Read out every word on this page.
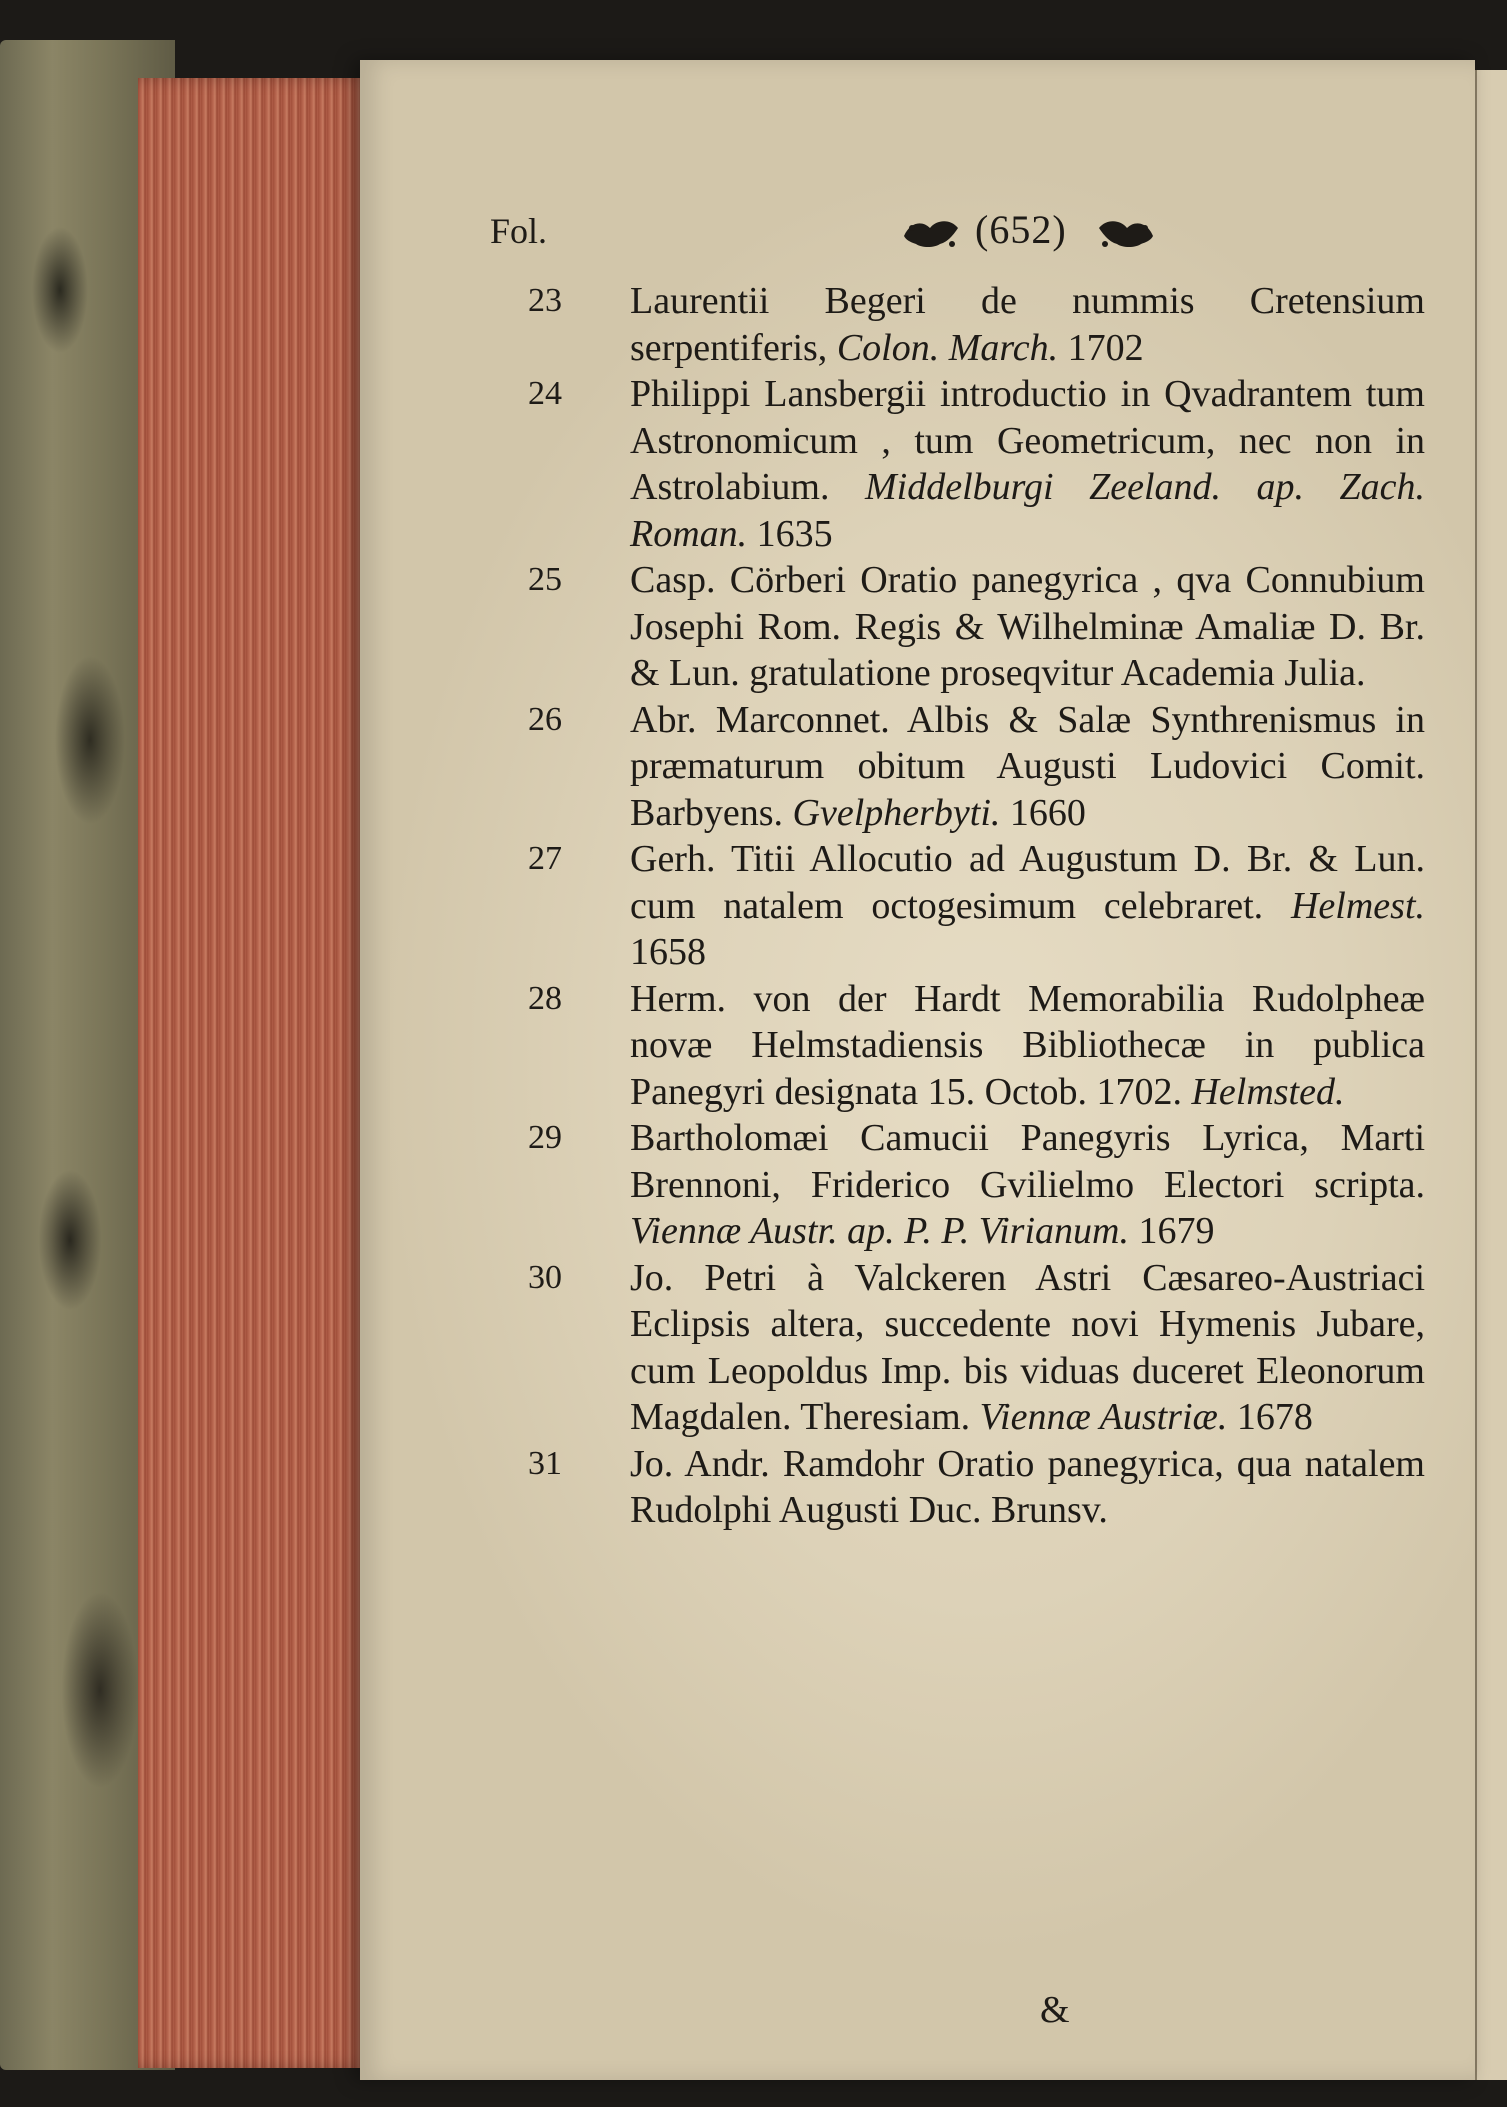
Fol.	(652)
23	Laurentii Begeri de nummis Cretensium serpentiferis, Colon. March. 1702
24	Philippi Lansbergii introductio in Qvadrantem tum Astronomicum , tum Geometricum, nec non in Astrolabium. Middelburgi Zeeland. ap. Zach. Roman. 1635
25	Casp. Cörberi Oratio panegyrica , qva Connubium Josephi Rom. Regis & Wilhelminæ Amaliæ D. Br. & Lun. gratulatione proseqvitur Academia Julia.
26	Abr. Marconnet. Albis & Salæ Synthrenismus in præmaturum obitum Augusti Ludovici Comit. Barbyens. Gvelpherbyti. 1660
27	Gerh. Titii Allocutio ad Augustum D. Br. & Lun. cum natalem octogesimum celebraret. Helmest. 1658
28	Herm. von der Hardt Memorabilia Rudolpheæ novæ Helmstadiensis Bibliothecæ in publica Panegyri designata 15. Octob. 1702. Helmsted.
29	Bartholomæi Camucii Panegyris Lyrica, Marti Brennoni, Friderico Gvilielmo Electori scripta. Viennæ Austr. ap. P. P. Virianum. 1679
30	Jo. Petri à Valckeren Astri Cæsareo-Austriaci Eclipsis altera, succedente novi Hymenis Jubare, cum Leopoldus Imp. bis viduas duceret Eleonorum Magdalen. Theresiam. Viennæ Austriæ. 1678
31	Jo. Andr. Ramdohr Oratio panegyrica, qua natalem Rudolphi Augusti Duc. Brunsv.
&
